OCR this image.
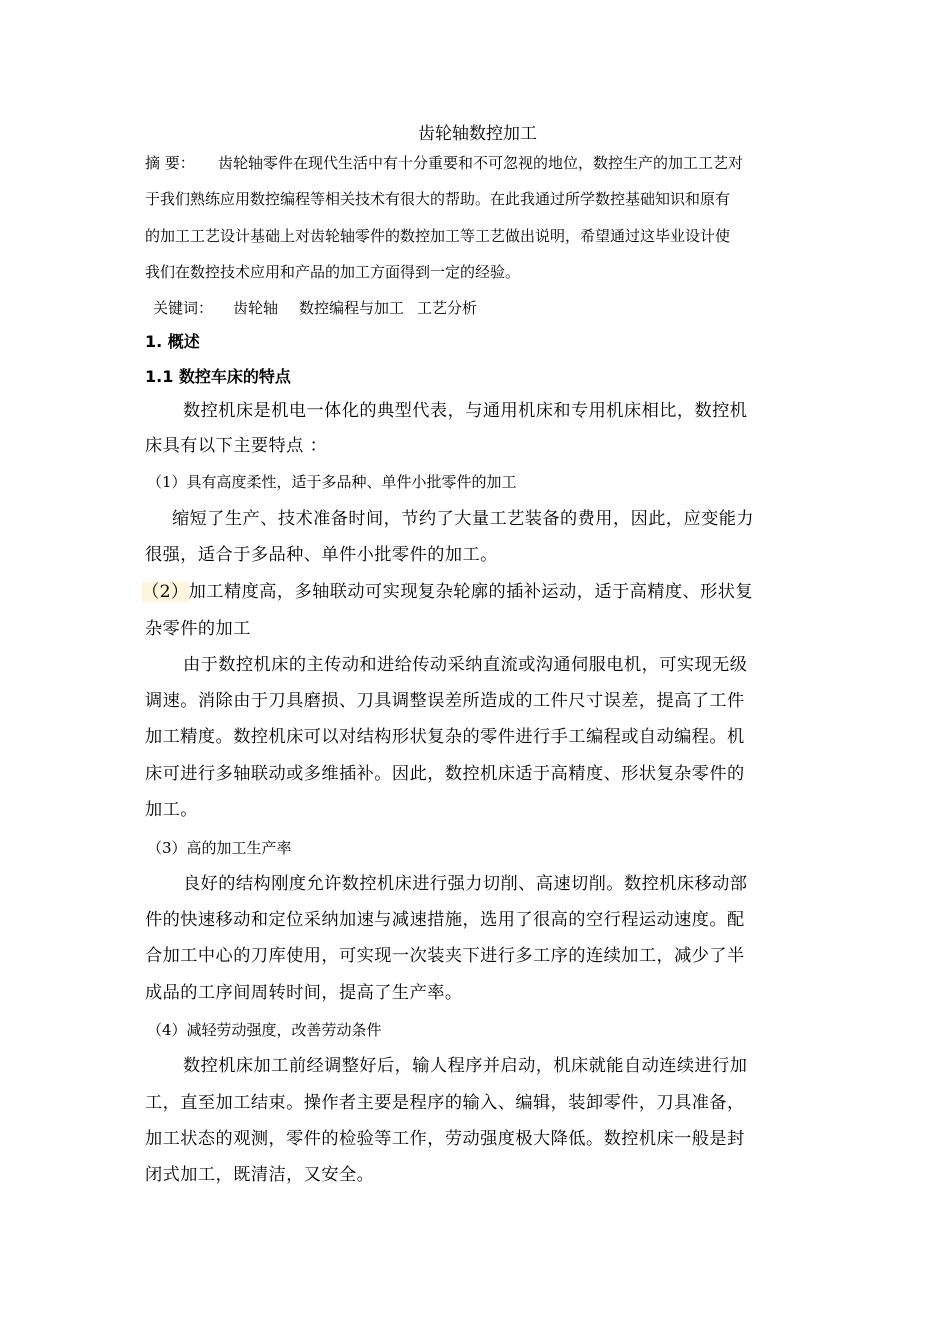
齿轮轴数控加工
摘 要： 齿轮轴零件在现代生活中有十分重要和不可忽视的地位，数控生产的加工工艺对
于我们熟练应用数控编程等相关技术有很大的帮助。在此我通过所学数控基础知识和原有
的加工工艺设计基础上对齿轮轴零件的数控加工等工艺做出说明，希望通过这毕业设计使
我们在数控技术应用和产品的加工方面得到一定的经验。
关键词： 齿轮轴 数控编程与加工 工艺分析
1. 概述
1.1 数控车床的特点
数控机床是机电一体化的典型代表，与通用机床和专用机床相比，数控机
床具有以下主要特点 ：
（1）具有高度柔性，适于多品种、单件小批零件的加工
缩短了生产、技术准备时间，节约了大量工艺装备的费用，因此，应变能力
很强，适合于多品种、单件小批零件的加工。
（2）加工精度高，多轴联动可实现复杂轮廓的插补运动，适于高精度、形状复
杂零件的加工
由于数控机床的主传动和进给传动采纳直流或沟通伺服电机，可实现无级
调速。消除由于刀具磨损、刀具调整误差所造成的工件尺寸误差，提高了工件
加工精度。数控机床可以对结构形状复杂的零件进行手工编程或自动编程。机
床可进行多轴联动或多维插补。因此，数控机床适于高精度、形状复杂零件的
加工。
（3）高的加工生产率
良好的结构刚度允许数控机床进行强力切削、高速切削。数控机床移动部
件的快速移动和定位采纳加速与减速措施，选用了很高的空行程运动速度。配
合加工中心的刀库使用，可实现一次装夹下进行多工序的连续加工，减少了半
成品的工序间周转时间，提高了生产率。
（4）减轻劳动强度，改善劳动条件
数控机床加工前经调整好后，输人程序并启动，机床就能自动连续进行加
工，直至加工结束。操作者主要是程序的输入、编辑，装卸零件，刀具准备，
加工状态的观测，零件的检验等工作，劳动强度极大降低。数控机床一般是封
闭式加工，既清洁，又安全。
